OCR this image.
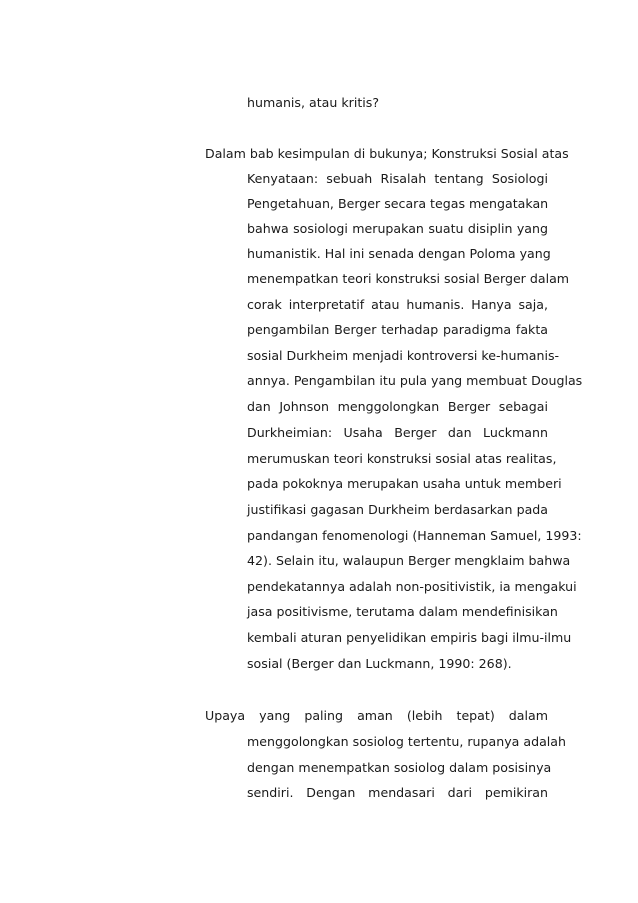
humanis, atau kritis?
Dalam bab kesimpulan di bukunya; Konstruksi Sosial atas
Kenyataan: sebuah Risalah tentang Sosiologi
Pengetahuan, Berger secara tegas mengatakan
bahwa sosiologi merupakan suatu disiplin yang
humanistik. Hal ini senada dengan Poloma yang
menempatkan teori konstruksi sosial Berger dalam
corak interpretatif atau humanis. Hanya saja,
pengambilan Berger terhadap paradigma fakta
sosial Durkheim menjadi kontroversi ke-humanis-
annya. Pengambilan itu pula yang membuat Douglas
dan Johnson menggolongkan Berger sebagai
Durkheimian: Usaha Berger dan Luckmann
merumuskan teori konstruksi sosial atas realitas,
pada pokoknya merupakan usaha untuk memberi
justifikasi gagasan Durkheim berdasarkan pada
pandangan fenomenologi (Hanneman Samuel, 1993:
42). Selain itu, walaupun Berger mengklaim bahwa
pendekatannya adalah non-positivistik, ia mengakui
jasa positivisme, terutama dalam mendefinisikan
kembali aturan penyelidikan empiris bagi ilmu-ilmu
sosial (Berger dan Luckmann, 1990: 268).
Upaya yang paling aman (lebih tepat) dalam
menggolongkan sosiolog tertentu, rupanya adalah
dengan menempatkan sosiolog dalam posisinya
sendiri. Dengan mendasari dari pemikiran
